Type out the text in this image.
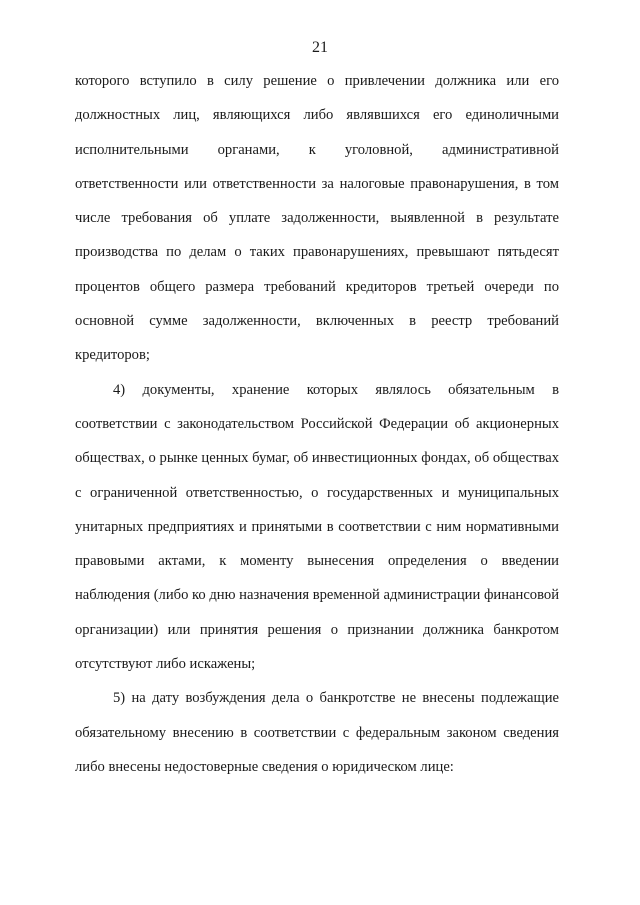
21

которого вступило в силу решение о привлечении должника или его должностных лиц, являющихся либо являвшихся его единоличными исполнительными органами, к уголовной, административной ответственности или ответственности за налоговые правонарушения, в том числе требования об уплате задолженности, выявленной в результате производства по делам о таких правонарушениях, превышают пятьдесят процентов общего размера требований кредиторов третьей очереди по основной сумме задолженности, включенных в реестр требований кредиторов;

4) документы, хранение которых являлось обязательным в соответствии с законодательством Российской Федерации об акционерных обществах, о рынке ценных бумаг, об инвестиционных фондах, об обществах с ограниченной ответственностью, о государственных и муниципальных унитарных предприятиях и принятыми в соответствии с ним нормативными правовыми актами, к моменту вынесения определения о введении наблюдения (либо ко дню назначения временной администрации финансовой организации) или принятия решения о признании должника банкротом отсутствуют либо искажены;

5) на дату возбуждения дела о банкротстве не внесены подлежащие обязательному внесению в соответствии с федеральным законом сведения либо внесены недостоверные сведения о юридическом лице:
